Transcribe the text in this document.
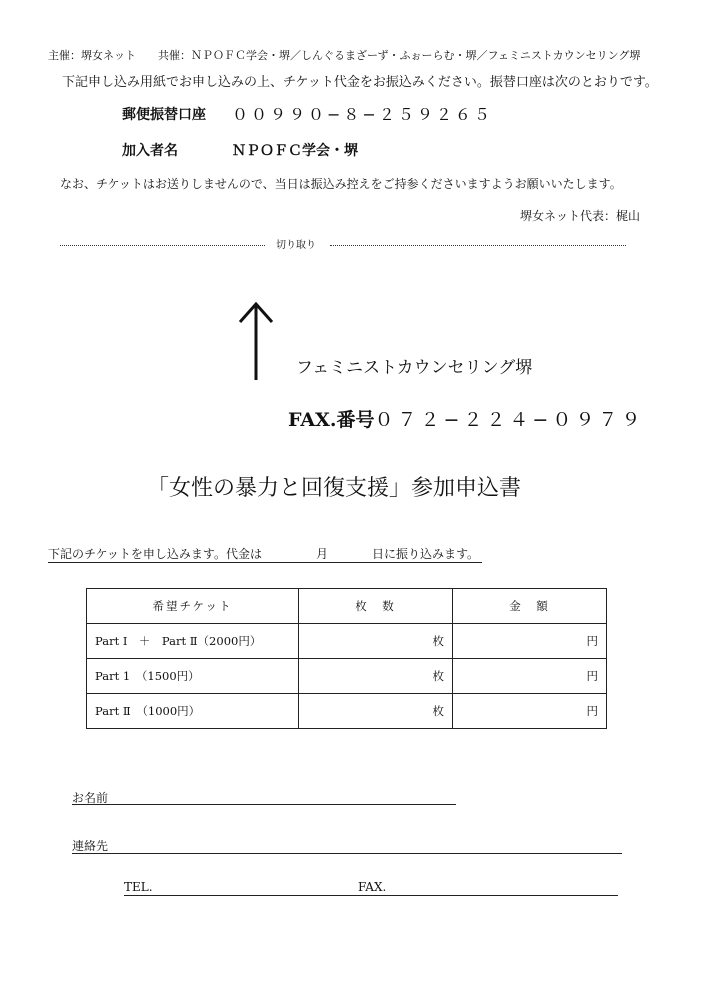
主催：堺女ネット　　共催：ＮＰＯＦＣ学会・堺／しんぐるまざーず・ふぉーらむ・堺／フェミニストカウンセリング堺
下記申し込み用紙でお申し込みの上、チケット代金をお振込みください。振替口座は次のとおりです。
郵便振替口座 ００９９０−８−２５９２６５
加入者名	ＮＰＯＦＣ学会・堺
なお、チケットはお送りしませんので、当日は振込み控えをご持参くださいますようお願いいたします。
堺女ネット代表：梶山
切り取り
フェミニストカウンセリング堺
FAX.番号０７２−２２４−０９７９
「女性の暴力と回復支援」参加申込書
下記のチケットを申し込みます。代金は	月	日に振り込みます。
希望チケット	枚　数	金　額
Part Ⅰ　＋　Part Ⅱ（2000円）	枚	円
Part 1　（1500円）	枚	円
Part Ⅱ　（1000円）	枚	円
お名前
連絡先
TEL.	FAX.
